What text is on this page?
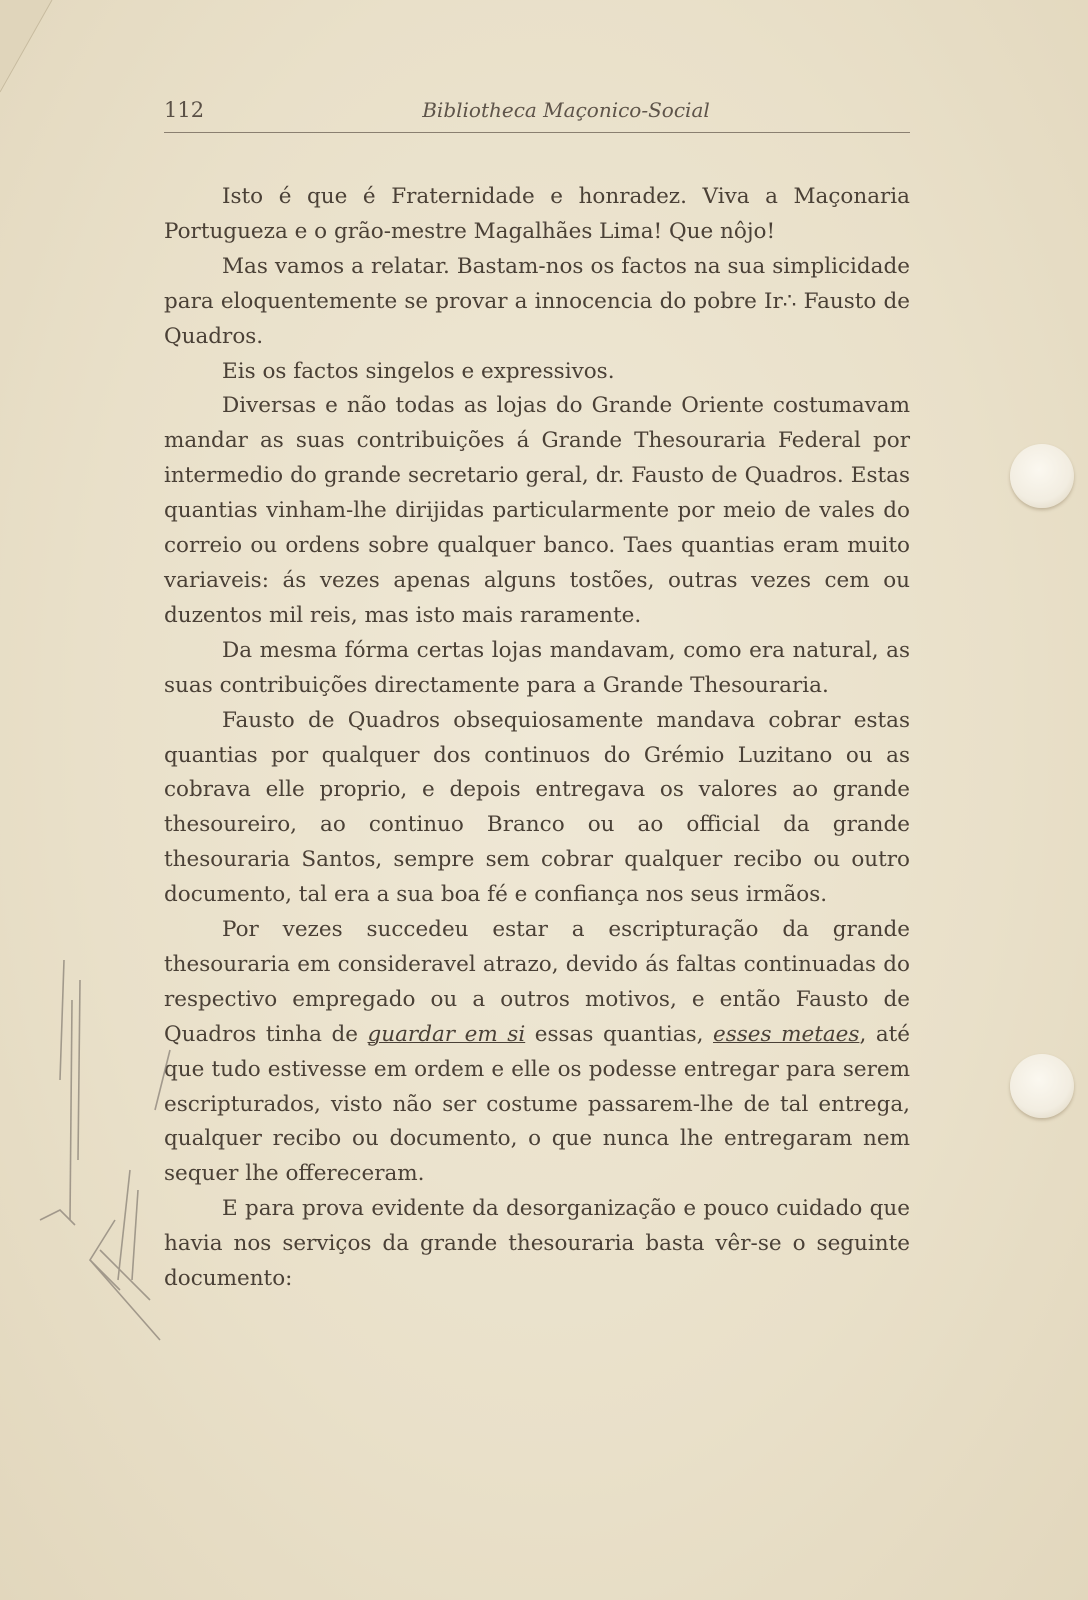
112	Bibliotheca Maçonico-Social

Isto é que é Fraternidade e honradez. Viva a Maçonaria Portugueza e o grão-mestre Magalhães Lima! Que nôjo!

Mas vamos a relatar. Bastam-nos os factos na sua simplicidade para eloquentemente se provar a innocencia do pobre Ir∴ Fausto de Quadros.

Eis os factos singelos e expressivos.

Diversas e não todas as lojas do Grande Oriente costumavam mandar as suas contribuições á Grande Thesouraria Federal por intermedio do grande secretario geral, dr. Fausto de Quadros. Estas quantias vinham-lhe dirijidas particularmente por meio de vales do correio ou ordens sobre qualquer banco. Taes quantias eram muito variaveis: ás vezes apenas alguns tostões, outras vezes cem ou duzentos mil reis, mas isto mais raramente.

Da mesma fórma certas lojas mandavam, como era natural, as suas contribuições directamente para a Grande Thesouraria.

Fausto de Quadros obsequiosamente mandava cobrar estas quantias por qualquer dos continuos do Grémio Luzitano ou as cobrava elle proprio, e depois entregava os valores ao grande thesoureiro, ao continuo Branco ou ao official da grande thesouraria Santos, sempre sem cobrar qualquer recibo ou outro documento, tal era a sua boa fé e confiança nos seus irmãos.

Por vezes succedeu estar a escripturação da grande thesouraria em consideravel atrazo, devido ás faltas continuadas do respectivo empregado ou a outros motivos, e então Fausto de Quadros tinha de guardar em si essas quantias, esses metaes, até que tudo estivesse em ordem e elle os podesse entregar para serem escripturados, visto não ser costume passarem-lhe de tal entrega, qualquer recibo ou documento, o que nunca lhe entregaram nem sequer lhe offereceram.

E para prova evidente da desorganização e pouco cuidado que havia nos serviços da grande thesouraria basta vêr-se o seguinte documento:
